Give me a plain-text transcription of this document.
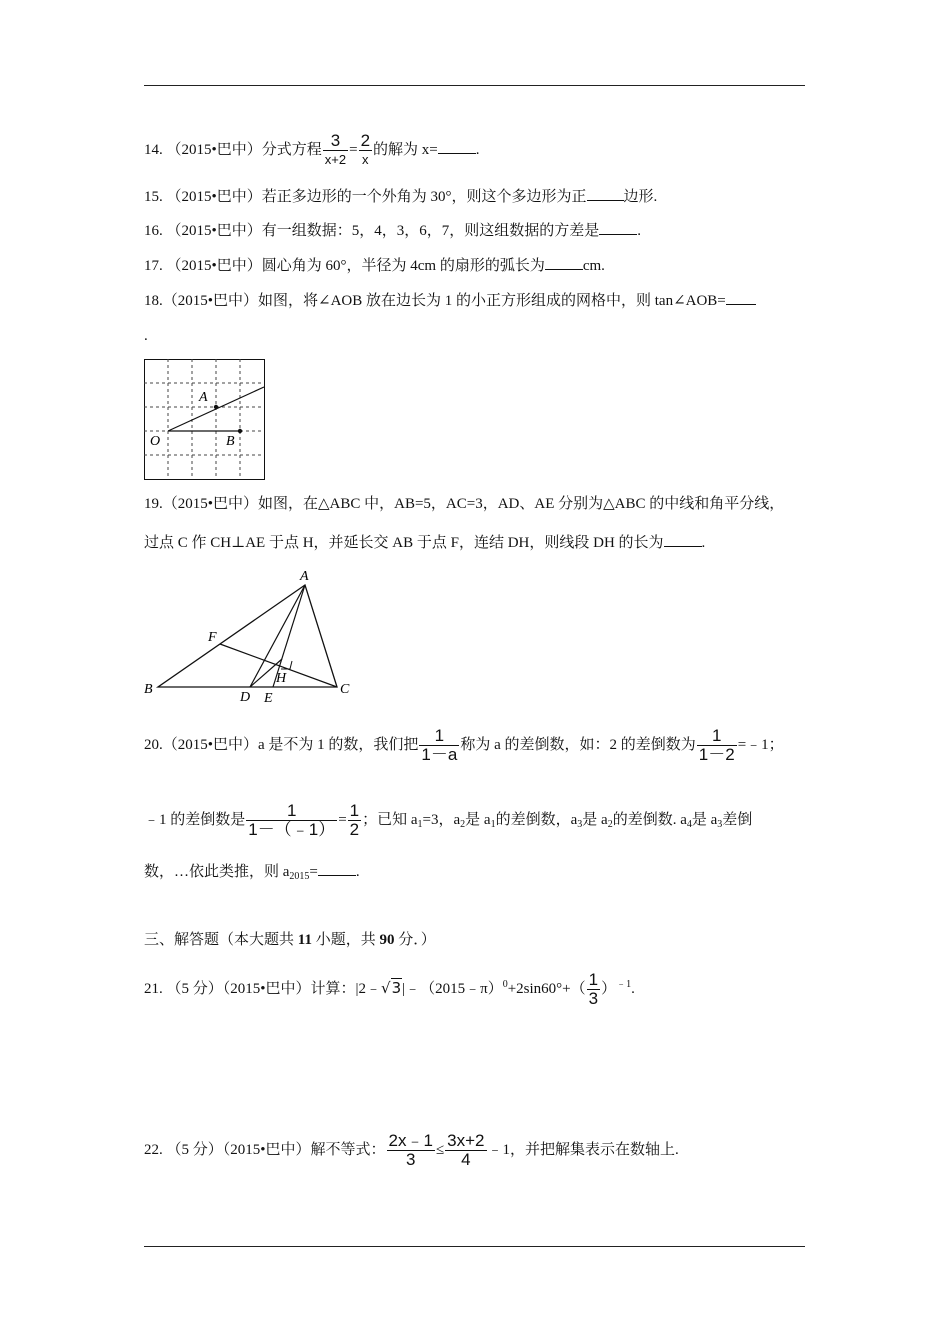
14. （2015•巴中）分式方程 $\frac{3}{x+2} = \frac{2}{x}$ 的解为 x=	.
15. （2015•巴中）若正多边形的一个外角为 30°，则这个多边形为正 边形.
16. （2015•巴中）有一组数据：5，4，3，6，7，则这组数据的方差是	.
17. （2015•巴中）圆心角为 60°，半径为 4cm 的扇形的弧长为	cm.
18.（2015•巴中）如图，将∠AOB 放在边长为 1 的小正方形组成的网格中，则 tan∠AOB=
.
A
O	B
19.（2015•巴中）如图，在△ABC 中，AB=5，AC=3，AD、AE 分别为△ABC 的中线和角平分线，
过点 C 作 CH⊥AE 于点 H，并延长交 AB 于点 F，连结 DH，则线段 DH 的长为	.
A
B	C
D E
F
H
20.（2015•巴中）a 是不为 1 的数，我们把 $\frac{1}{1-a}$ 称为 a 的差倒数，如：2 的差倒数为 $\frac{1}{1-2}$ =﹣1；
﹣1 的差倒数是 $\frac{1}{1-(﹣1)} = \frac{1}{2}$ ；已知 $a_1=3$，$a_2$是 $a_1$的差倒数，$a_3$是 $a_2$的差倒数. $a_4$是 $a_3$差倒
数，…依此类推，则 $a_{2015}=$	.
三、解答题（本大题共 11 小题，共 90 分．）
21. （5 分）（2015•巴中）计算：|2﹣√3|﹣（2015﹣π）$^0$+2sin60°+（ $\frac{1}{3} )^{﹣1}$.
22. （5 分）（2015•巴中）解不等式： $\frac{2x﹣1}{3} \le \frac{3x+2}{4}$ ﹣1，并把解集表示在数轴上.
